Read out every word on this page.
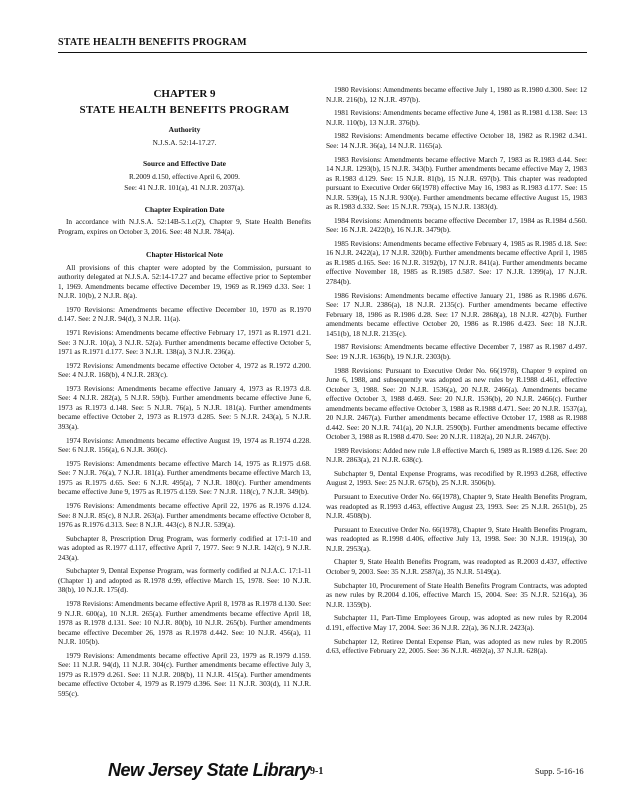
STATE HEALTH BENEFITS PROGRAM
CHAPTER 9
STATE HEALTH BENEFITS PROGRAM
Authority
N.J.S.A. 52:14-17.27.
Source and Effective Date
R.2009 d.150, effective April 6, 2009.
See: 41 N.J.R. 101(a), 41 N.J.R. 2037(a).
Chapter Expiration Date

In accordance with N.J.S.A. 52:14B-5.1.c(2), Chapter 9, State Health Benefits Program, expires on October 3, 2016. See: 48 N.J.R. 784(a).

Chapter Historical Note

All provisions of this chapter were adopted by the Commission, pursuant to authority delegated at N.J.S.A. 52:14-17.27 and became effective prior to September 1, 1969. Amendments became effective December 19, 1969 as R.1969 d.33. See: 1 N.J.R. 10(b), 2 N.J.R. 8(a).

1970 Revisions: Amendments became effective December 10, 1970 as R.1970 d.147. See: 2 N.J.R. 94(d), 3 N.J.R. 11(a).

1971 Revisions: Amendments became effective February 17, 1971 as R.1971 d.21. See: 3 N.J.R. 10(a), 3 N.J.R. 52(a). Further amendments became effective October 5, 1971 as R.1971 d.177. See: 3 N.J.R. 138(a), 3 N.J.R. 236(a).

1972 Revisions: Amendments became effective October 4, 1972 as R.1972 d.200. See: 4 N.J.R. 168(b), 4 N.J.R. 283(c).

1973 Revisions: Amendments became effective January 4, 1973 as R.1973 d.8. See: 4 N.J.R. 282(a), 5 N.J.R. 59(b). Further amendments became effective June 6, 1973 as R.1973 d.148. See: 5 N.J.R. 76(a), 5 N.J.R. 181(a). Further amendments became effective October 2, 1973 as R.1973 d.285. See: 5 N.J.R. 243(a), 5 N.J.R. 393(a).

1974 Revisions: Amendments became effective August 19, 1974 as R.1974 d.228. See: 6 N.J.R. 156(a), 6 N.J.R. 360(c).

1975 Revisions: Amendments became effective March 14, 1975 as R.1975 d.68. See: 7 N.J.R. 76(a), 7 N.J.R. 181(a). Further amendments became effective March 13, 1975 as R.1975 d.65. See: 6 N.J.R. 495(a), 7 N.J.R. 180(c). Further amendments became effective June 9, 1975 as R.1975 d.159. See: 7 N.J.R. 118(c), 7 N.J.R. 349(b).

1976 Revisions: Amendments became effective April 22, 1976 as R.1976 d.124. See: 8 N.J.R. 85(c), 8 N.J.R. 263(a). Further amendments became effective October 8, 1976 as R.1976 d.313. See: 8 N.J.R. 443(c), 8 N.J.R. 539(a).

Subchapter 8, Prescription Drug Program, was formerly codified at 17:1-10 and was adopted as R.1977 d.117, effective April 7, 1977. See: 9 N.J.R. 142(c), 9 N.J.R. 243(a).

Subchapter 9, Dental Expense Program, was formerly codified at N.J.A.C. 17:1-11 (Chapter 1) and adopted as R.1978 d.99, effective March 15, 1978. See: 10 N.J.R. 38(b), 10 N.J.R. 175(d).

1978 Revisions: Amendments became effective April 8, 1978 as R.1978 d.130. See: 9 N.J.R. 600(a), 10 N.J.R. 265(a). Further amendments became effective April 18, 1978 as R.1978 d.131. See: 10 N.J.R. 80(b), 10 N.J.R. 265(b). Further amendments became effective December 26, 1978 as R.1978 d.442. See: 10 N.J.R. 456(a), 11 N.J.R. 105(b).

1979 Revisions: Amendments became effective April 23, 1979 as R.1979 d.159. See: 11 N.J.R. 94(d), 11 N.J.R. 304(c). Further amendments became effective July 3, 1979 as R.1979 d.261. See: 11 N.J.R. 208(b), 11 N.J.R. 415(a). Further amendments became effective October 4, 1979 as R.1979 d.396. See: 11 N.J.R. 303(d), 11 N.J.R. 595(c).

1980 Revisions: Amendments became effective July 1, 1980 as R.1980 d.300. See: 12 N.J.R. 216(b), 12 N.J.R. 497(b).

1981 Revisions: Amendments became effective June 4, 1981 as R.1981 d.138. See: 13 N.J.R. 110(b), 13 N.J.R. 376(b).

1982 Revisions: Amendments became effective October 18, 1982 as R.1982 d.341. See: 14 N.J.R. 36(a), 14 N.J.R. 1165(a).

1983 Revisions: Amendments became effective March 7, 1983 as R.1983 d.44. See: 14 N.J.R. 1293(b), 15 N.J.R. 343(b). Further amendments became effective May 2, 1983 as R.1983 d.129. See: 15 N.J.R. 81(b), 15 N.J.R. 697(b). This chapter was readopted pursuant to Executive Order 66(1978) effective May 16, 1983 as R.1983 d.177. See: 15 N.J.R. 539(a), 15 N.J.R. 930(e). Further amendments became effective August 15, 1983 as R.1983 d.332. See: 15 N.J.R. 793(a), 15 N.J.R. 1383(d).

1984 Revisions: Amendments became effective December 17, 1984 as R.1984 d.560. See: 16 N.J.R. 2422(b), 16 N.J.R. 3479(b).

1985 Revisions: Amendments became effective February 4, 1985 as R.1985 d.18. See: 16 N.J.R. 2422(a), 17 N.J.R. 320(b). Further amendments became effective April 1, 1985 as R.1985 d.165. See: 16 N.J.R. 3192(b), 17 N.J.R. 841(a). Further amendments became effective November 18, 1985 as R.1985 d.587. See: 17 N.J.R. 1399(a), 17 N.J.R. 2784(b).

1986 Revisions: Amendments became effective January 21, 1986 as R.1986 d.676. See: 17 N.J.R. 2386(a), 18 N.J.R. 2135(c). Further amendments became effective February 18, 1986 as R.1986 d.28. See: 17 N.J.R. 2868(a), 18 N.J.R. 427(b). Further amendments became effective October 20, 1986 as R.1986 d.423. See: 18 N.J.R. 1451(b), 18 N.J.R. 2135(c).

1987 Revisions: Amendments became effective December 7, 1987 as R.1987 d.497. See: 19 N.J.R. 1636(b), 19 N.J.R. 2303(b).

1988 Revisions: Pursuant to Executive Order No. 66(1978), Chapter 9 expired on June 6, 1988, and subsequently was adopted as new rules by R.1988 d.461, effective October 3, 1988. See: 20 N.J.R. 1536(a), 20 N.J.R. 2466(a). Amendments became effective October 3, 1988 d.469. See: 20 N.J.R. 1536(b), 20 N.J.R. 2466(c). Further amendments became effective October 3, 1988 as R.1988 d.471. See: 20 N.J.R. 1537(a), 20 N.J.R. 2467(a). Further amendments became effective October 17, 1988 as R.1988 d.442. See: 20 N.J.R. 741(a), 20 N.J.R. 2590(b). Further amendments became effective October 3, 1988 as R.1988 d.470. See: 20 N.J.R. 1182(a), 20 N.J.R. 2467(b).

1989 Revisions: Added new rule 1.8 effective March 6, 1989 as R.1989 d.126. See: 20 N.J.R. 2863(a), 21 N.J.R. 638(c).

Subchapter 9, Dental Expense Programs, was recodified by R.1993 d.268, effective August 2, 1993. See: 25 N.J.R. 675(b), 25 N.J.R. 3506(b).

Pursuant to Executive Order No. 66(1978), Chapter 9, State Health Benefits Program, was readopted as R.1993 d.463, effective August 23, 1993. See: 25 N.J.R. 2651(b), 25 N.J.R. 4508(b).

Pursuant to Executive Order No. 66(1978), Chapter 9, State Health Benefits Program, was readopted as R.1998 d.406, effective July 13, 1998. See: 30 N.J.R. 1919(a), 30 N.J.R. 2953(a).

Chapter 9, State Health Benefits Program, was readopted as R.2003 d.437, effective October 9, 2003. See: 35 N.J.R. 2587(a), 35 N.J.R. 5149(a).

Subchapter 10, Procurement of State Health Benefits Program Contracts, was adopted as new rules by R.2004 d.106, effective March 15, 2004. See: 35 N.J.R. 5216(a), 36 N.J.R. 1359(b).

Subchapter 11, Part-Time Employees Group, was adopted as new rules by R.2004 d.191, effective May 17, 2004. See: 36 N.J.R. 22(a), 36 N.J.R. 2423(a).

Subchapter 12, Retiree Dental Expense Plan, was adopted as new rules by R.2005 d.63, effective February 22, 2005. See: 36 N.J.R. 4692(a), 37 N.J.R. 628(a).

New Jersey State Library 9-1	Supp. 5-16-16
